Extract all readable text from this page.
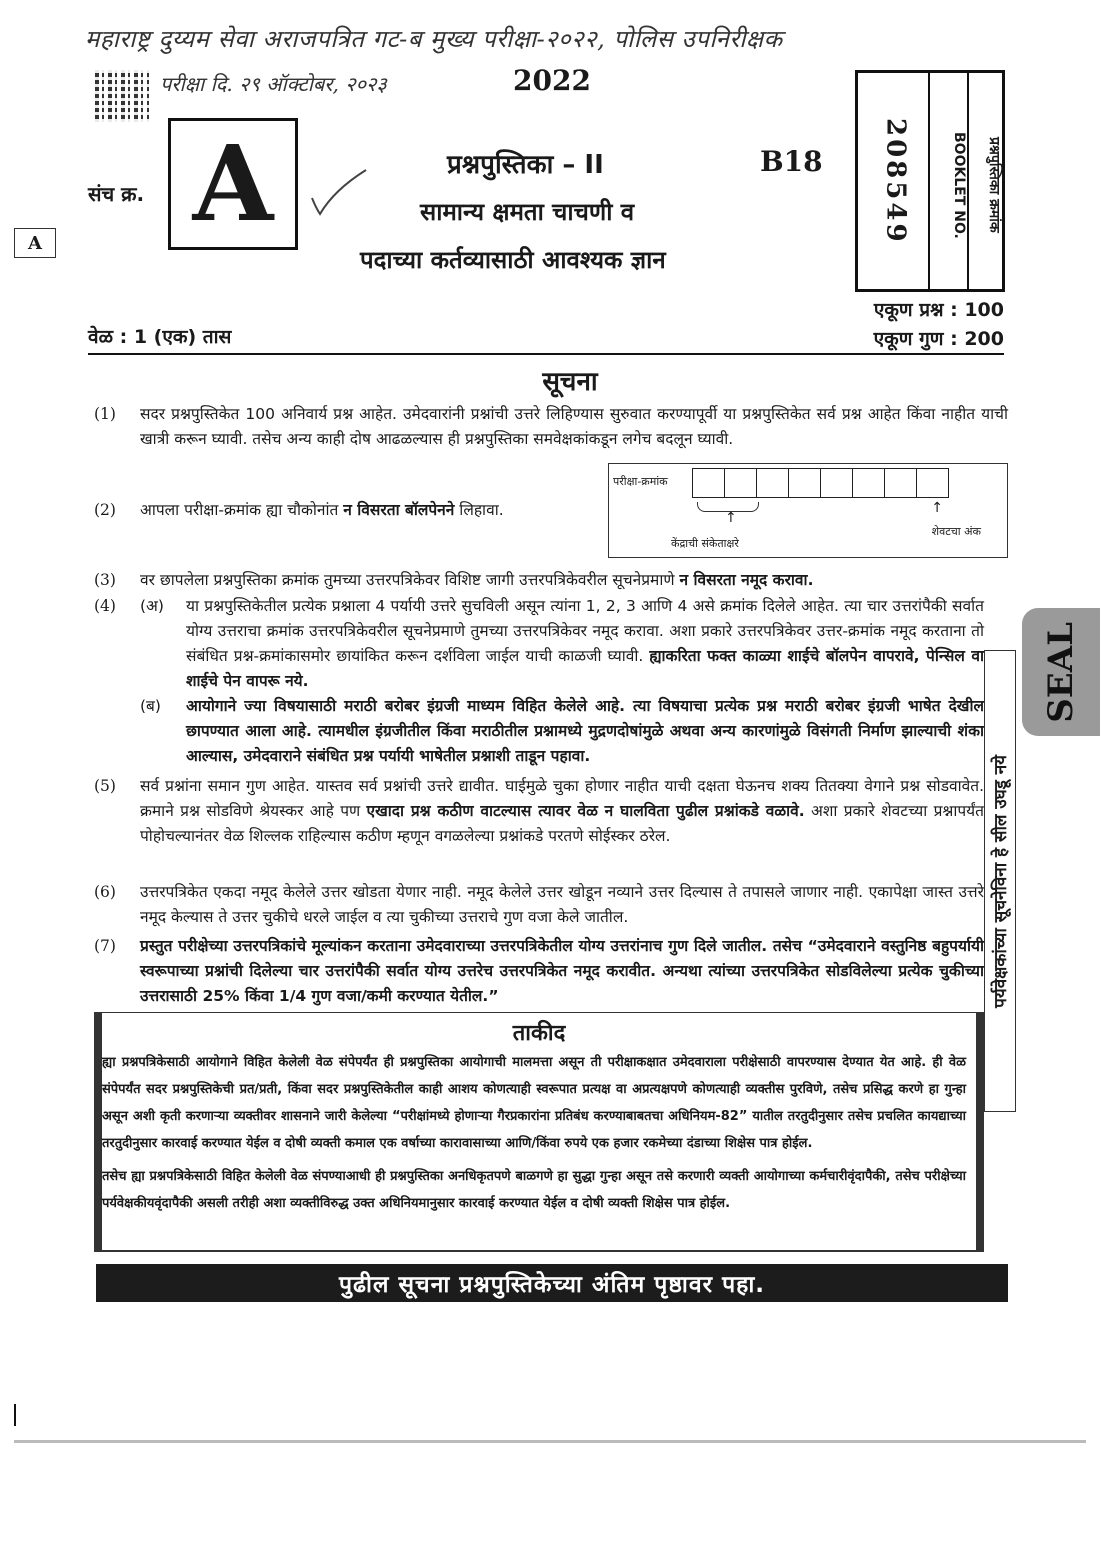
महाराष्ट्र दुय्यम सेवा अराजपत्रित गट-ब मुख्य परीक्षा-२०२२, पोलिस उपनिरीक्षक
परीक्षा दि. २९ ऑक्टोबर, २०२३	2022
संच क्र. A
A
प्रश्नपुस्तिका – II	B18
सामान्य क्षमता चाचणी व
पदाच्या कर्तव्यासाठी आवश्यक ज्ञान
208549	BOOKLET NO.	प्रश्नपुस्तिका क्रमांक
एकूण प्रश्न : 100
एकूण गुण : 200
वेळ : 1 (एक) तास
सूचना
(1) सदर प्रश्नपुस्तिकेत 100 अनिवार्य प्रश्न आहेत. उमेदवारांनी प्रश्नांची उत्तरे लिहिण्यास सुरुवात करण्यापूर्वी या प्रश्नपुस्तिकेत सर्व प्रश्न आहेत किंवा नाहीत याची खात्री करून घ्यावी. तसेच अन्य काही दोष आढळल्यास ही प्रश्नपुस्तिका समवेक्षकांकडून लगेच बदलून घ्यावी.
(2) आपला परीक्षा-क्रमांक ह्या चौकोनांत न विसरता बॉलपेनने लिहावा.
परीक्षा-क्रमांक
↑
↑
केंद्राची संकेताक्षरे
शेवटचा अंक
(3) वर छापलेला प्रश्नपुस्तिका क्रमांक तुमच्या उत्तरपत्रिकेवर विशिष्ट जागी उत्तरपत्रिकेवरील सूचनेप्रमाणे न विसरता नमूद करावा.
(4) (अ) या प्रश्नपुस्तिकेतील प्रत्येक प्रश्नाला 4 पर्यायी उत्तरे सुचविली असून त्यांना 1, 2, 3 आणि 4 असे क्रमांक दिलेले आहेत. त्या चार उत्तरांपैकी सर्वात योग्य उत्तराचा क्रमांक उत्तरपत्रिकेवरील सूचनेप्रमाणे तुमच्या उत्तरपत्रिकेवर नमूद करावा. अशा प्रकारे उत्तरपत्रिकेवर उत्तर-क्रमांक नमूद करताना तो संबंधित प्रश्न-क्रमांकासमोर छायांकित करून दर्शविला जाईल याची काळजी घ्यावी. ह्याकरिता फक्त काळ्या शाईचे बॉलपेन वापरावे, पेन्सिल वा शाईचे पेन वापरू नये.
(ब) आयोगाने ज्या विषयासाठी मराठी बरोबर इंग्रजी माध्यम विहित केलेले आहे. त्या विषयाचा प्रत्येक प्रश्न मराठी बरोबर इंग्रजी भाषेत देखील छापण्यात आला आहे. त्यामधील इंग्रजीतील किंवा मराठीतील प्रश्नामध्ये मुद्रणदोषांमुळे अथवा अन्य कारणांमुळे विसंगती निर्माण झाल्याची शंका आल्यास, उमेदवाराने संबंधित प्रश्न पर्यायी भाषेतील प्रश्नाशी ताडून पहावा.
(5) सर्व प्रश्नांना समान गुण आहेत. यास्तव सर्व प्रश्नांची उत्तरे द्यावीत. घाईमुळे चुका होणार नाहीत याची दक्षता घेऊनच शक्य तितक्या वेगाने प्रश्न सोडवावेत. क्रमाने प्रश्न सोडविणे श्रेयस्कर आहे पण एखादा प्रश्न कठीण वाटल्यास त्यावर वेळ न घालविता पुढील प्रश्नांकडे वळावे. अशा प्रकारे शेवटच्या प्रश्नापर्यंत पोहोचल्यानंतर वेळ शिल्लक राहिल्यास कठीण म्हणून वगळलेल्या प्रश्नांकडे परतणे सोईस्कर ठरेल.
(6) उत्तरपत्रिकेत एकदा नमूद केलेले उत्तर खोडता येणार नाही. नमूद केलेले उत्तर खोडून नव्याने उत्तर दिल्यास ते तपासले जाणार नाही. एकापेक्षा जास्त उत्तरे नमूद केल्यास ते उत्तर चुकीचे धरले जाईल व त्या चुकीच्या उत्तराचे गुण वजा केले जातील.
(7) प्रस्तुत परीक्षेच्या उत्तरपत्रिकांचे मूल्यांकन करताना उमेदवाराच्या उत्तरपत्रिकेतील योग्य उत्तरांनाच गुण दिले जातील. तसेच “उमेदवाराने वस्तुनिष्ठ बहुपर्यायी स्वरूपाच्या प्रश्नांची दिलेल्या चार उत्तरांपैकी सर्वात योग्य उत्तरेच उत्तरपत्रिकेत नमूद करावीत. अन्यथा त्यांच्या उत्तरपत्रिकेत सोडविलेल्या प्रत्येक चुकीच्या उत्तरासाठी 25% किंवा 1/4 गुण वजा/कमी करण्यात येतील.”
ताकीद

ह्या प्रश्नपत्रिकेसाठी आयोगाने विहित केलेली वेळ संपेपर्यंत ही प्रश्नपुस्तिका आयोगाची मालमत्ता असून ती परीक्षाकक्षात उमेदवाराला परीक्षेसाठी वापरण्यास देण्यात येत आहे. ही वेळ संपेपर्यंत सदर प्रश्नपुस्तिकेची प्रत/प्रती, किंवा सदर प्रश्नपुस्तिकेतील काही आशय कोणत्याही स्वरूपात प्रत्यक्ष वा अप्रत्यक्षपणे कोणत्याही व्यक्तीस पुरविणे, तसेच प्रसिद्ध करणे हा गुन्हा असून अशी कृती करणाऱ्या व्यक्तीवर शासनाने जारी केलेल्या “परीक्षांमध्ये होणाऱ्या गैरप्रकारांना प्रतिबंध करण्याबाबतचा अधिनियम-82” यातील तरतुदीनुसार तसेच प्रचलित कायद्याच्या तरतुदीनुसार कारवाई करण्यात येईल व दोषी व्यक्ती कमाल एक वर्षाच्या कारावासाच्या आणि/किंवा रुपये एक हजार रकमेच्या दंडाच्या शिक्षेस पात्र होईल.

तसेच ह्या प्रश्नपत्रिकेसाठी विहित केलेली वेळ संपण्याआधी ही प्रश्नपुस्तिका अनधिकृतपणे बाळगणे हा सुद्धा गुन्हा असून तसे करणारी व्यक्ती आयोगाच्या कर्मचारीवृंदापैकी, तसेच परीक्षेच्या पर्यवेक्षकीयवृंदापैकी असली तरीही अशा व्यक्तीविरुद्ध उक्त अधिनियमानुसार कारवाई करण्यात येईल व दोषी व्यक्ती शिक्षेस पात्र होईल.

पुढील सूचना प्रश्नपुस्तिकेच्या अंतिम पृष्ठावर पहा.
SEAL
पर्यवेक्षकांच्या सूचनेविना हे सील उघडू नये
